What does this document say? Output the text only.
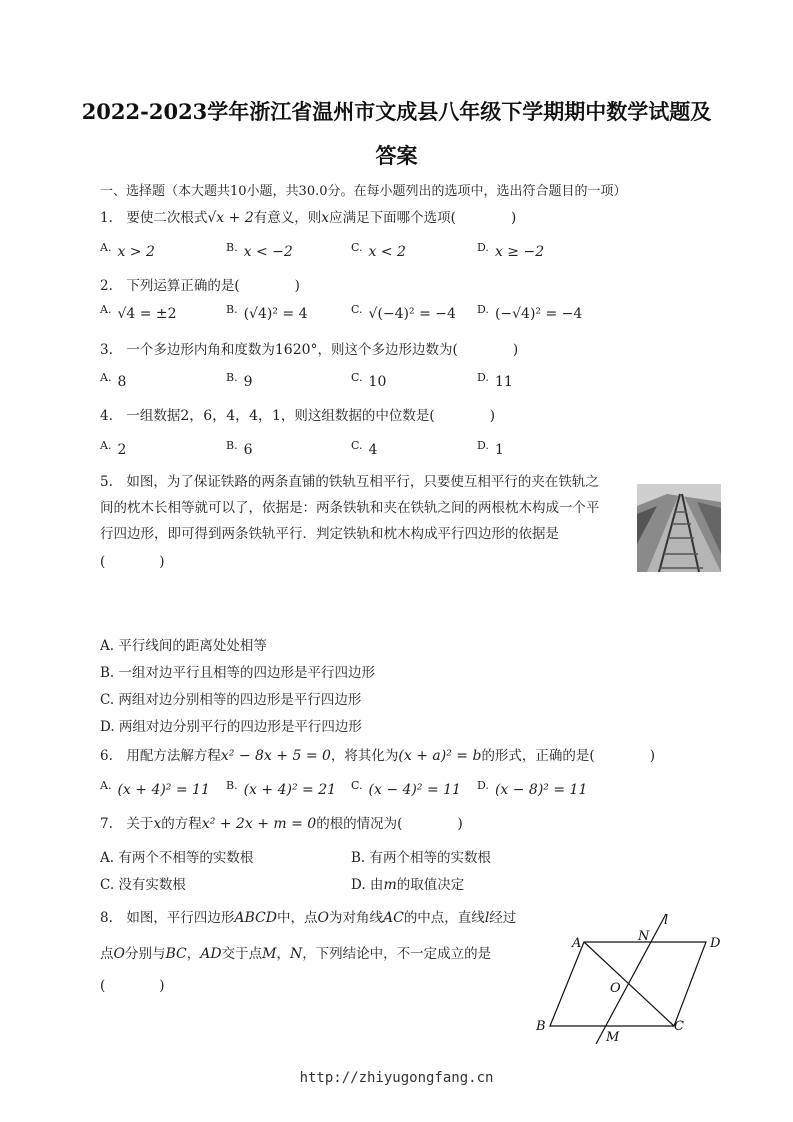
2022-2023学年浙江省温州市文成县八年级下学期期中数学试题及
答案
一、选择题（本大题共10小题，共30.0分。在每小题列出的选项中，选出符合题目的一项）
1.　要使二次根式√x + 2有意义，则x应满足下面哪个选项(	)
$^{A.}$ x > 2	$^{B.}$ x < −2	$^{C.}$ x < 2	$^{D.}$ x ≥ −2
2.　下列运算正确的是(	)
$^{A.}$ √4 = ±2	$^{B.}$ (√4)² = 4	$^{C.}$ √(−4)² = −4 $^{D.}$ (−√4)² = −4
3.　一个多边形内角和度数为1620°，则这个多边形边数为(	)
$^{A.}$ 8	$^{B.}$ 9	$^{C.}$ 10	$^{D.}$ 11
4.　一组数据2，6，4，4，1，则这组数据的中位数是(	)
$^{A.}$ 2	$^{B.}$ 6	$^{C.}$ 4	$^{D.}$ 1
5.　如图，为了保证铁路的两条直铺的铁轨互相平行，只要使互相平行的夹在铁轨之
间的枕木长相等就可以了，依据是：两条铁轨和夹在铁轨之间的两根枕木构成一个平
行四边形，即可得到两条铁轨平行．判定铁轨和枕木构成平行四边形的依据是
(　　　　)
A. 平行线间的距离处处相等
B. 一组对边平行且相等的四边形是平行四边形
C. 两组对边分别相等的四边形是平行四边形
D. 两组对边分别平行的四边形是平行四边形
6.　用配方法解方程x² − 8x + 5 = 0，将其化为(x + a)² = b的形式，正确的是(	)
$^{A.}$ (x + 4)² = 11 $^{B.}$ (x + 4)² = 21 $^{C.}$ (x − 4)² = 11 $^{D.}$ (x − 8)² = 11
7.　关于x的方程x² + 2x + m = 0的根的情况为(	)
A. 有两个不相等的实数根	B. 有两个相等的实数根
C. 没有实数根	D. 由m的取值决定
8.　如图，平行四边形ABCD中，点O为对角线AC的中点，直线l经过
点O分别与BC，AD交于点M，N，下列结论中，不一定成立的是
(　　　　)
A	D
B	C
N
M
O
l
http://zhiyugongfang.cn
